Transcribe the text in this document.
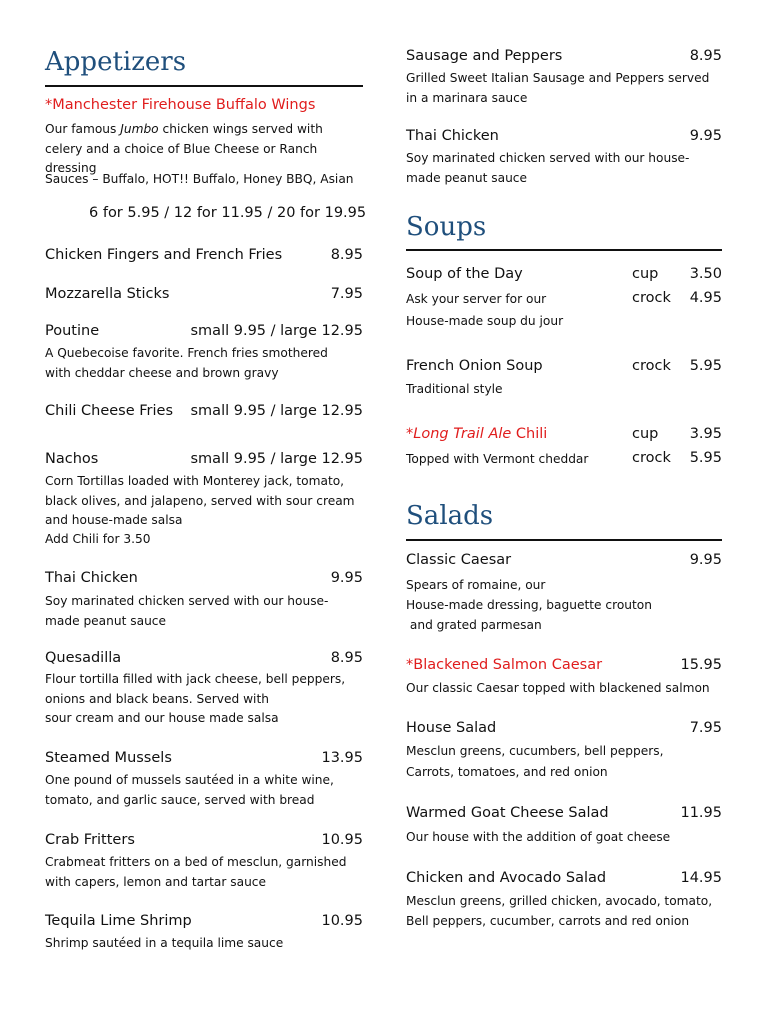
Appetizers
*Manchester Firehouse Buffalo Wings
Our famous Jumbo chicken wings served with celery and a choice of Blue Cheese or Ranch dressing
Sauces – Buffalo, HOT!! Buffalo, Honey BBQ, Asian
6 for 5.95 / 12 for 11.95 / 20 for 19.95
Chicken Fingers and French Fries	8.95
Mozzarella Sticks	7.95
Poutine	small 9.95 / large 12.95
A Quebecoise favorite. French fries smothered with cheddar cheese and brown gravy
Chili Cheese Fries small 9.95 / large 12.95
Nachos	small 9.95 / large 12.95
Corn Tortillas loaded with Monterey jack, tomato, black olives, and jalapeno, served with sour cream and house-made salsa
Add Chili for 3.50
Thai Chicken	9.95
Soy marinated chicken served with our house-made peanut sauce
Quesadilla	8.95
Flour tortilla filled with jack cheese, bell peppers, onions and black beans. Served with
sour cream and our house made salsa
Steamed Mussels	13.95
One pound of mussels sautéed in a white wine, tomato, and garlic sauce, served with bread
Crab Fritters	10.95
Crabmeat fritters on a bed of mesclun, garnished with capers, lemon and tartar sauce
Tequila Lime Shrimp	10.95
Shrimp sautéed in a tequila lime sauce
Sausage and Peppers	8.95
Grilled Sweet Italian Sausage and Peppers served in a marinara sauce
Thai Chicken	9.95
Soy marinated chicken served with our house-made peanut sauce
Soups
Soup of the Day	cup 3.50
Ask your server for our	crock 4.95
House-made soup du jour
French Onion Soup	crock 5.95
Traditional style
*Long Trail Ale Chili	cup 3.95
Topped with Vermont cheddar	crock 5.95
Salads
Classic Caesar	9.95
Spears of romaine, our
House-made dressing, baguette crouton
and grated parmesan
*Blackened Salmon Caesar	15.95
Our classic Caesar topped with blackened salmon
House Salad	7.95
Mesclun greens, cucumbers, bell peppers,
Carrots, tomatoes, and red onion
Warmed Goat Cheese Salad	11.95
Our house with the addition of goat cheese
Chicken and Avocado Salad	14.95
Mesclun greens, grilled chicken, avocado, tomato,
Bell peppers, cucumber, carrots and red onion
